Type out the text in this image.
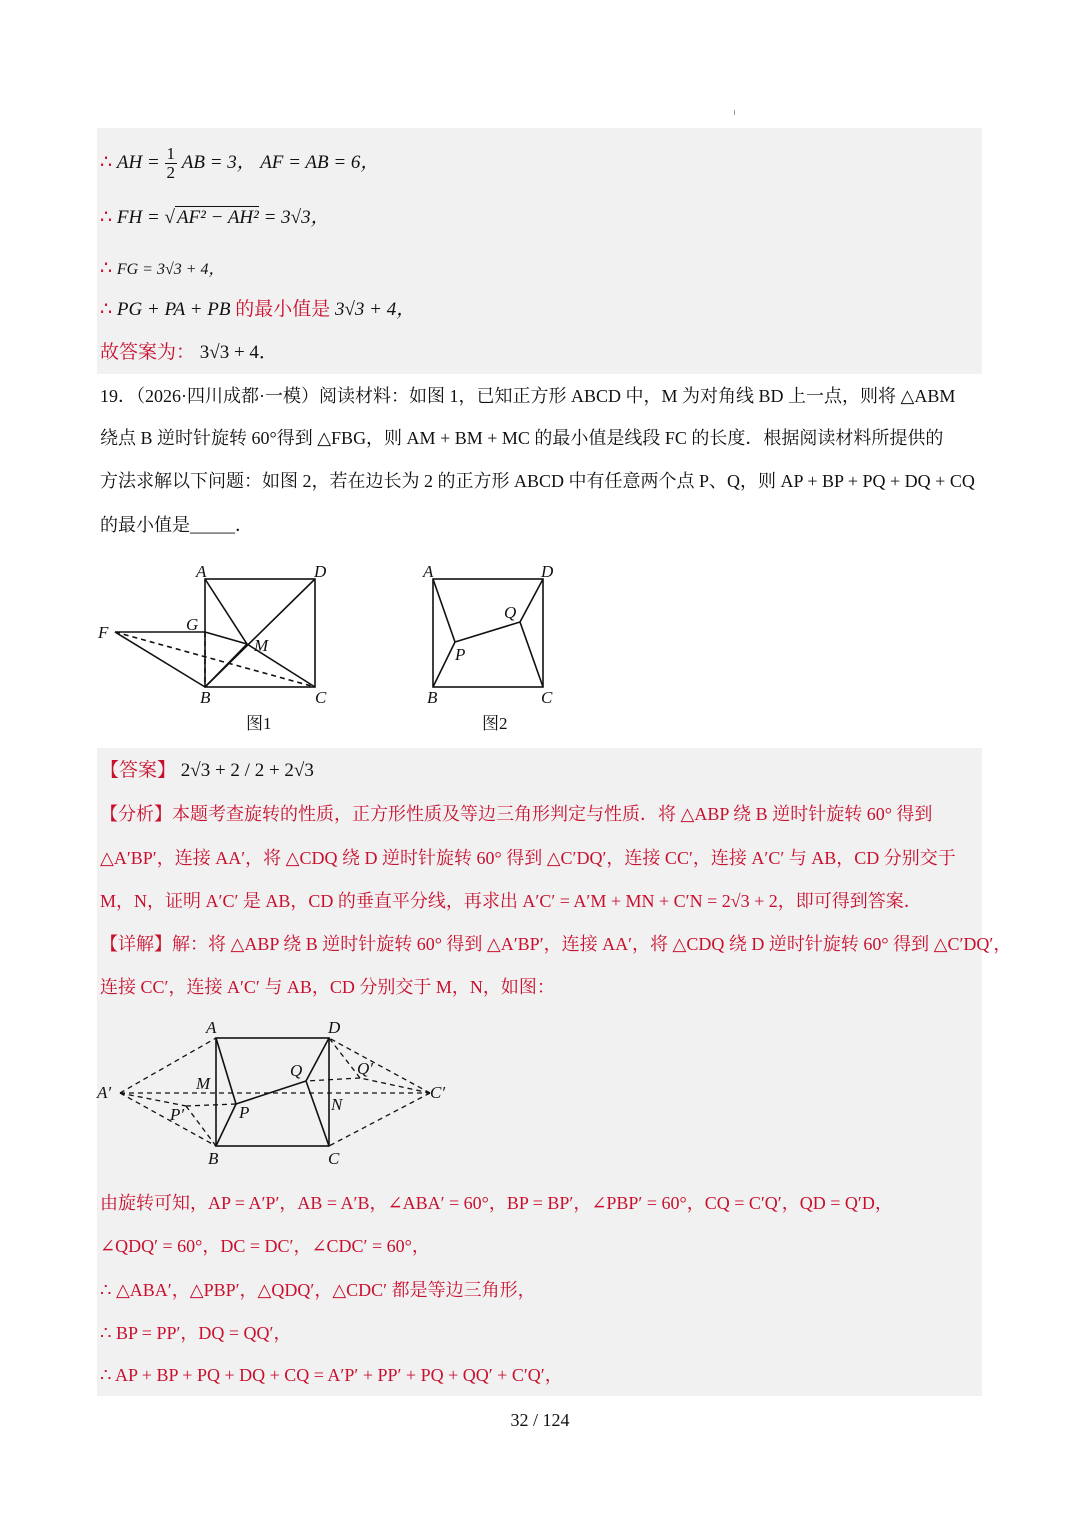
∴ AH = $\frac{1}{2}$ AB = 3， AF = AB = 6，
∴ FH = √ AF² − AH² = 3√3，
∴ FG = 3√3 + 4，
∴ PG + PA + PB 的最小值是 3√3 + 4，
故答案为： 3√3 + 4．
19．（2026·四川成都·一模）阅读材料：如图 1，已知正方形 ABCD 中，M 为对角线 BD 上一点，则将 △ABM
绕点 B 逆时针旋转 60°得到 △FBG，则 AM + BM + MC 的最小值是线段 FC 的长度．根据阅读材料所提供的
方法求解以下问题：如图 2，若在边长为 2 的正方形 ABCD 中有任意两个点 P、Q，则 AP + BP + PQ + DQ + CQ
的最小值是_____．
A	D
F	G
M
B	C
A	D
Q
P
B	C
图1	图2
【答案】 2√3 + 2 / 2 + 2√3
【分析】本题考查旋转的性质，正方形性质及等边三角形判定与性质．将 △ABP 绕 B 逆时针旋转 60° 得到
△A′BP′，连接 AA′，将 △CDQ 绕 D 逆时针旋转 60° 得到 △C′DQ′，连接 CC′，连接 A′C′ 与 AB，CD 分别交于
M，N，证明 A′C′ 是 AB，CD 的垂直平分线，再求出 A′C′ = A′M + MN + C′N = 2√3 + 2，即可得到答案．
【详解】解：将 △ABP 绕 B 逆时针旋转 60° 得到 △A′BP′，连接 AA′，将 △CDQ 绕 D 逆时针旋转 60° 得到 △C′DQ′，
连接 CC′，连接 A′C′ 与 AB，CD 分别交于 M，N，如图：
A	D
M
Q	Q′
A′	C′
P′	P	N
B	C
由旋转可知，AP = A′P′，AB = A′B，∠ABA′ = 60°，BP = BP′，∠PBP′ = 60°，CQ = C′Q′，QD = Q′D，
∠QDQ′ = 60°，DC = DC′，∠CDC′ = 60°，
∴ △ABA′，△PBP′，△QDQ′，△CDC′ 都是等边三角形，
∴ BP = PP′，DQ = QQ′，
∴ AP + BP + PQ + DQ + CQ = A′P′ + PP′ + PQ + QQ′ + C′Q′，
32 / 124
